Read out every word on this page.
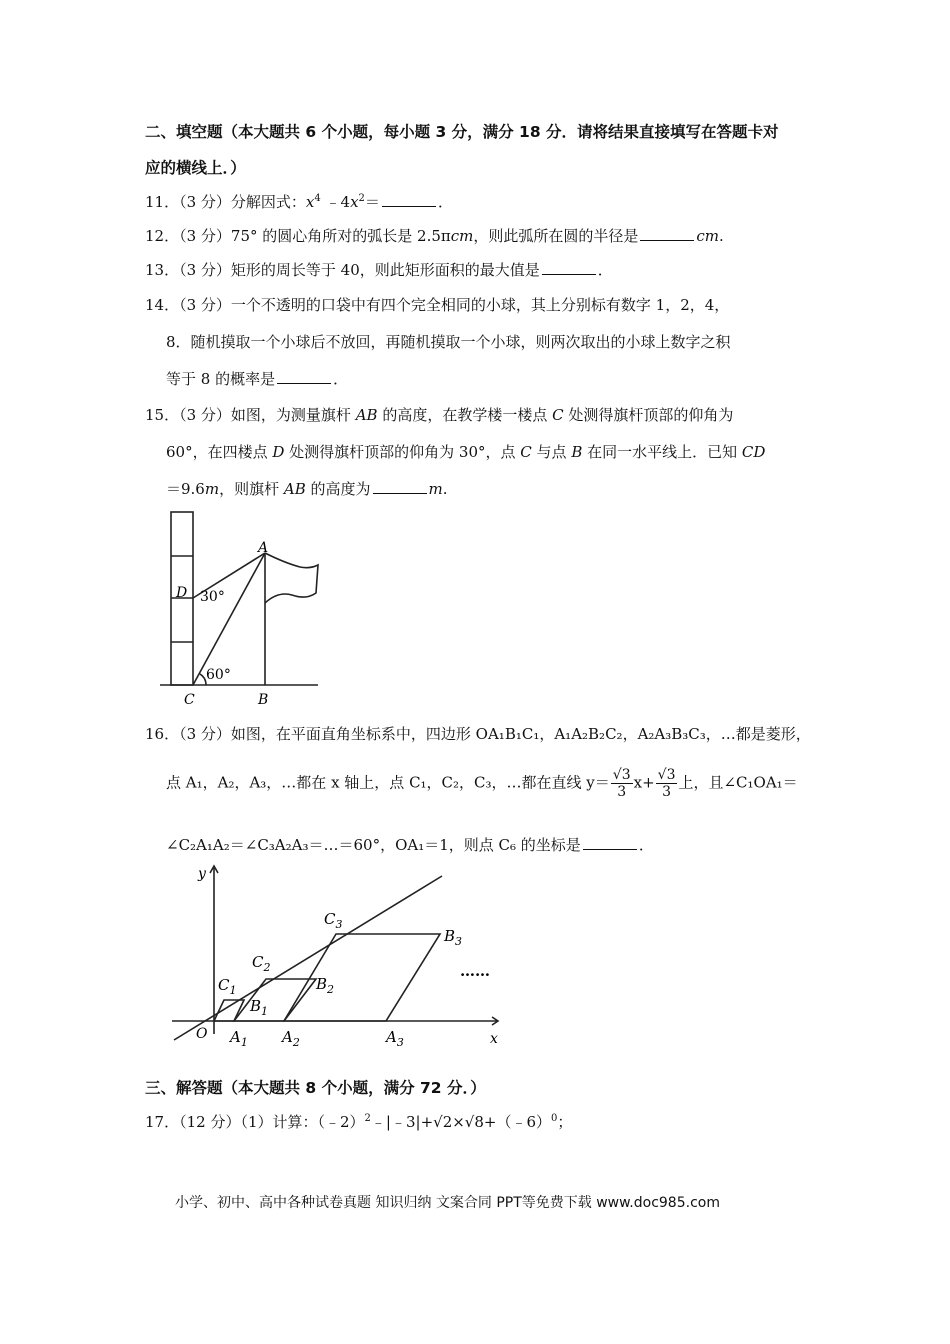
二、填空题（本大题共 6 个小题，每小题 3 分，满分 18 分．请将结果直接填写在答题卡对
应的横线上．）
11．（3 分）分解因式：$x^4$ $﹣4x^2=$	．
12．（3 分）75° 的圆心角所对的弧长是 2.5πcm，则此弧所在圆的半径是	cm.
13．（3 分）矩形的周长等于 40，则此矩形面积的最大值是	．
14．（3 分）一个不透明的口袋中有四个完全相同的小球，其上分别标有数字 1，2，4，
8．随机摸取一个小球后不放回，再随机摸取一个小球，则两次取出的小球上数字之积
等于 8 的概率是	．
15．（3 分）如图，为测量旗杆 AB 的高度，在教学楼一楼点 C 处测得旗杆顶部的仰角为
60°，在四楼点 D 处测得旗杆顶部的仰角为 30°，点 C 与点 B 在同一水平线上．已知 CD
＝9.6m，则旗杆 AB 的高度为	m.
A
D 30°
60°
C	B
16．（3 分）如图，在平面直角坐标系中，四边形 OA₁B₁C₁，A₁A₂B₂C₂，A₂A₃B₃C₃，…都是菱形，
点 A₁，A₂，A₃，…都在 x 轴上，点 C₁，C₂，C₃，…都在直线 $y= \frac{√3}{3} x+ \frac{√3}{3}$ 上，且∠C₁OA₁＝
∠C₂A₁A₂＝∠C₃A₂A₃＝…＝60°，OA₁＝1，则点 C₆ 的坐标是	．
y
x
O $A_1$ $A_2$	$A_3$
$B_1$
$B_2$
$B_3$
$C_1$
$C_2$
$C_3$
……
三、解答题（本大题共 8 个小题，满分 72 分．）
17．（12 分）（1）计算：（﹣2）$^2$﹣|﹣3|+√2×√8+（﹣6）$^0$；
小学、初中、高中各种试卷真题 知识归纳 文案合同 PPT等免费下载 www.doc985.com
